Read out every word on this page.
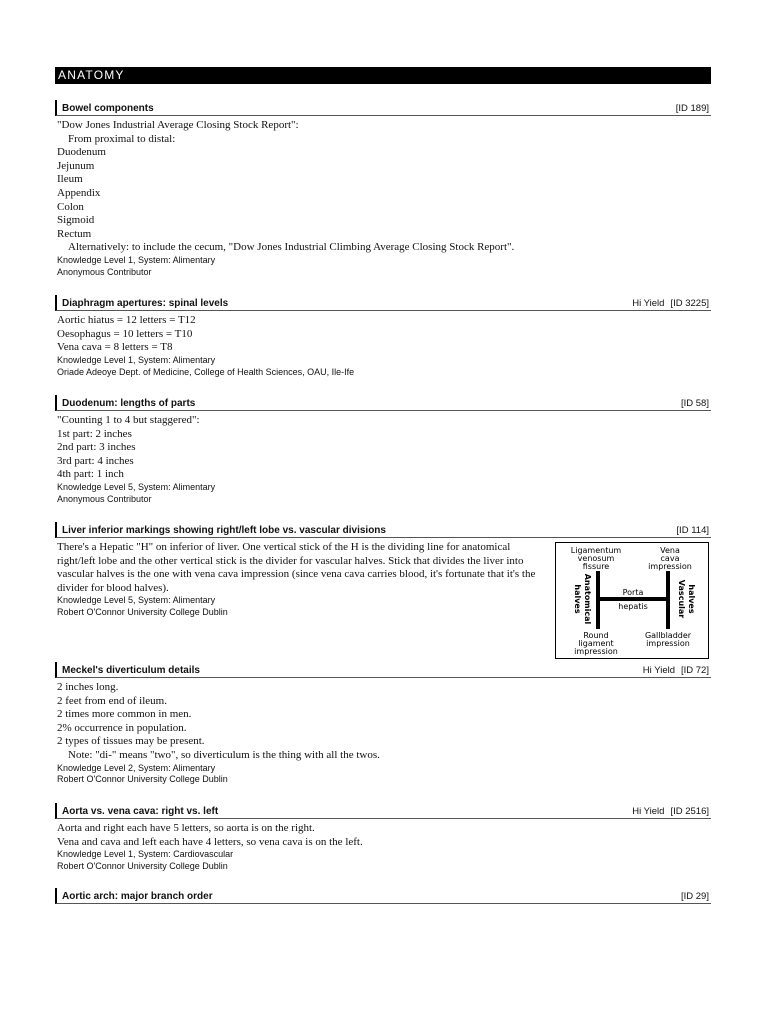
ANATOMY
Bowel components	[ID 189]
"Dow Jones Industrial Average Closing Stock Report":
From proximal to distal:
Duodenum
Jejunum
Ileum
Appendix
Colon
Sigmoid
Rectum
Alternatively: to include the cecum, "Dow Jones Industrial Climbing Average Closing Stock Report".
Knowledge Level 1, System: Alimentary
Anonymous Contributor
Diaphragm apertures: spinal levels	Hi Yield [ID 3225]
Aortic hiatus = 12 letters = T12
Oesophagus = 10 letters = T10
Vena cava = 8 letters = T8
Knowledge Level 1, System: Alimentary
Oriade Adeoye Dept. of Medicine, College of Health Sciences, OAU, Ile-Ife
Duodenum: lengths of parts	[ID 58]
"Counting 1 to 4 but staggered":
1st part: 2 inches
2nd part: 3 inches
3rd part: 4 inches
4th part: 1 inch
Knowledge Level 5, System: Alimentary
Anonymous Contributor
Liver inferior markings showing right/left lobe vs. vascular divisions	[ID 114]
There's a Hepatic "H" on inferior of liver. One vertical stick of the H is the dividing line for anatomical right/left lobe and the other vertical stick is the divider for vascular halves. Stick that divides the liver into vascular halves is the one with vena cava impression (since vena cava carries blood, it's fortunate that it's the divider for blood halves).
Knowledge Level 5, System: Alimentary
Robert O'Connor University College Dublin
Ligamentum
venosum
fissure
Vena
cava
impression
Anatomical
halves	Vascular halves
Porta
hepatis
Round
ligament
impression
Gallbladder
impression
Meckel's diverticulum details	Hi Yield [ID 72]
2 inches long.
2 feet from end of ileum.
2 times more common in men.
2% occurrence in population.
2 types of tissues may be present.
Note: "di-" means "two", so diverticulum is the thing with all the twos.
Knowledge Level 2, System: Alimentary
Robert O'Connor University College Dublin
Aorta vs. vena cava: right vs. left	Hi Yield [ID 2516]
Aorta and right each have 5 letters, so aorta is on the right.
Vena and cava and left each have 4 letters, so vena cava is on the left.
Knowledge Level 1, System: Cardiovascular
Robert O'Connor University College Dublin
Aortic arch: major branch order	[ID 29]
